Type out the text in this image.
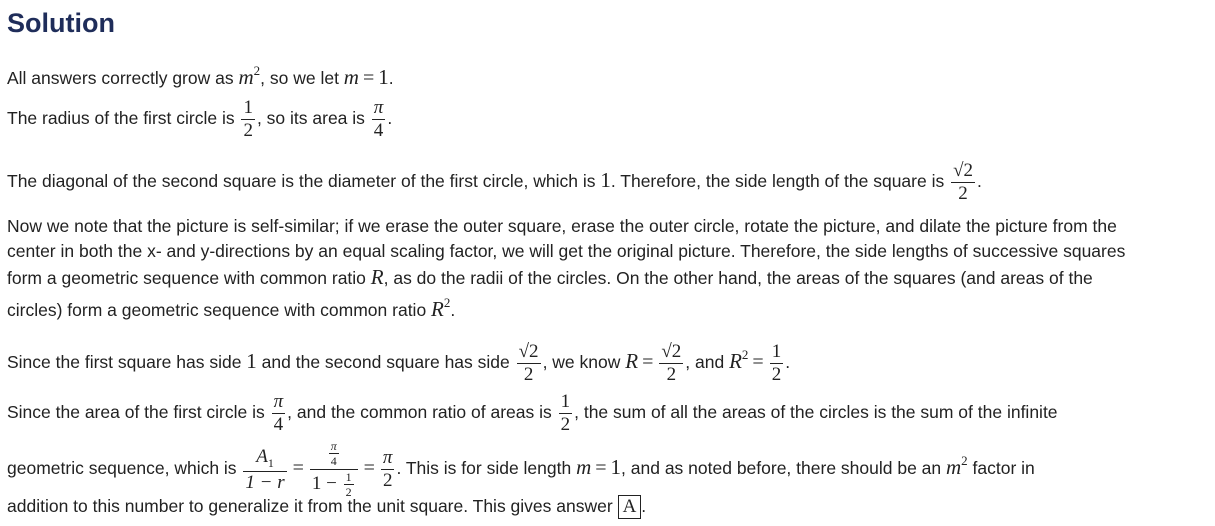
Solution
All answers correctly grow as $m^2$, so we let m = 1.
The radius of the first circle is $\frac{1}{2}$ , so its area is $\frac{\pi}{4}$ .
The diagonal of the second square is the diameter of the first circle, which is 1. Therefore, the side length of the square is $\frac{√2}{2}$ .
Now we note that the picture is self-similar; if we erase the outer square, erase the outer circle, rotate the picture, and dilate the picture from the
center in both the x- and y-directions by an equal scaling factor, we will get the original picture. Therefore, the side lengths of successive squares
form a geometric sequence with common ratio R, as do the radii of the circles. On the other hand, the areas of the squares (and areas of the
circles) form a geometric sequence with common ratio $R^2$.
Since the first square has side 1 and the second square has side $\frac{√2}{2}$ , we know $R = \frac{√2}{2}$ , and $R^2 = \frac{1}{2}$ .
Since the area of the first circle is $\frac{\pi}{4}$ , and the common ratio of areas is $\frac{1}{2}$ , the sum of all the areas of the circles is the sum of the infinite
geometric sequence, which is $\frac{A_1}{1 - r} = \frac{\frac{\pi}{4}}{1 - \frac{1}{2}} = \frac{\pi}{2}$ . This is for side length m = 1, and as noted before, there should be an $m^2$ factor in
addition to this number to generalize it from the unit square. This gives answer A .
